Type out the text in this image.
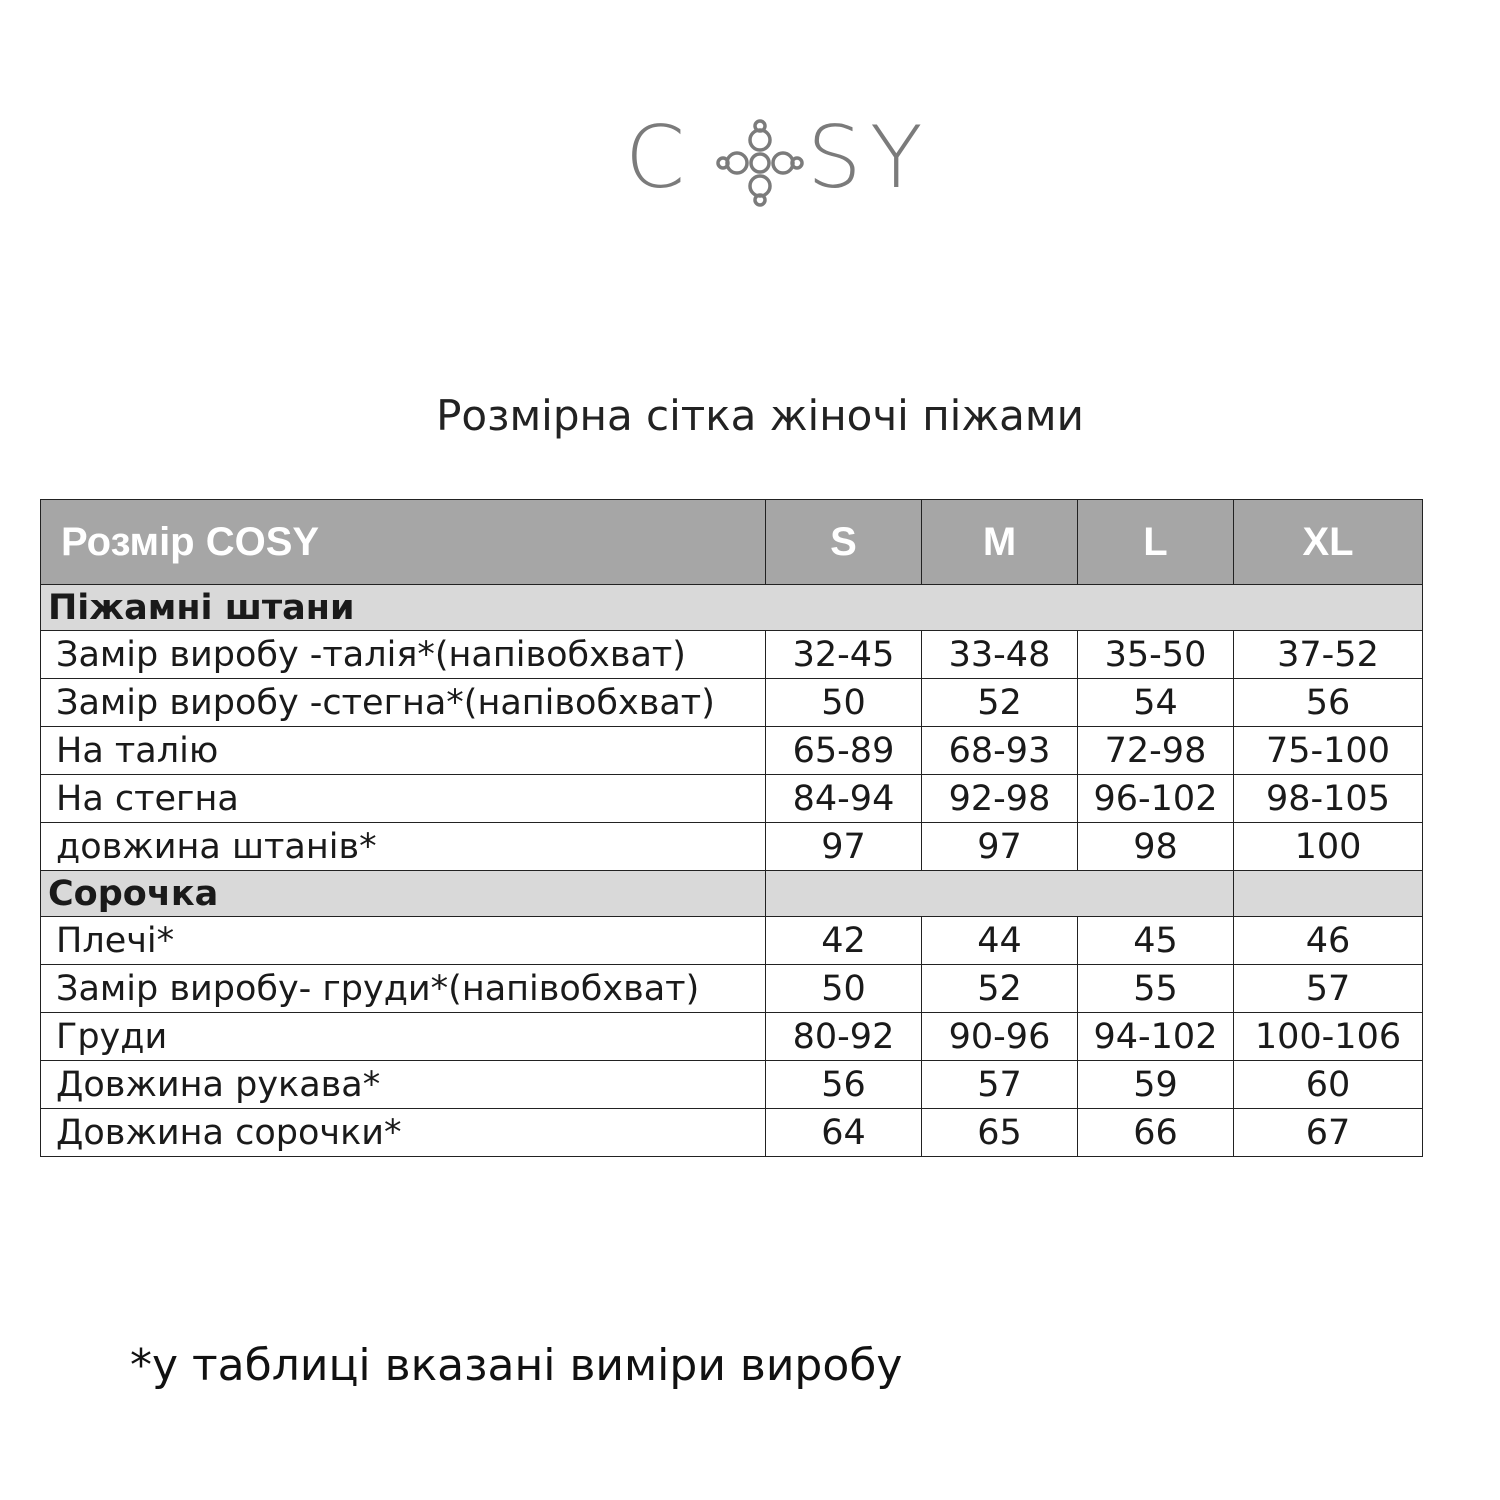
C S Y
Розмірна сітка жіночі піжами
Розмір COSY	S	M	L	XL
Піжамні штани				
Замір виробу -талія*(напівобхват)	32-45	33-48	35-50	37-52
Замір виробу -стегна*(напівобхват)	50	52	54	56
На талію	65-89	68-93	72-98	75-100
На стегна	84-94	92-98	96-102	98-105
довжина штанів*	97	97	98	100
Сорочка				
Плечі*	42	44	45	46
Замір виробу- груди*(напівобхват)	50	52	55	57
Груди	80-92	90-96	94-102	100-106
Довжина рукава*	56	57	59	60
Довжина сорочки*	64	65	66	67
*у таблиці вказані виміри виробу
